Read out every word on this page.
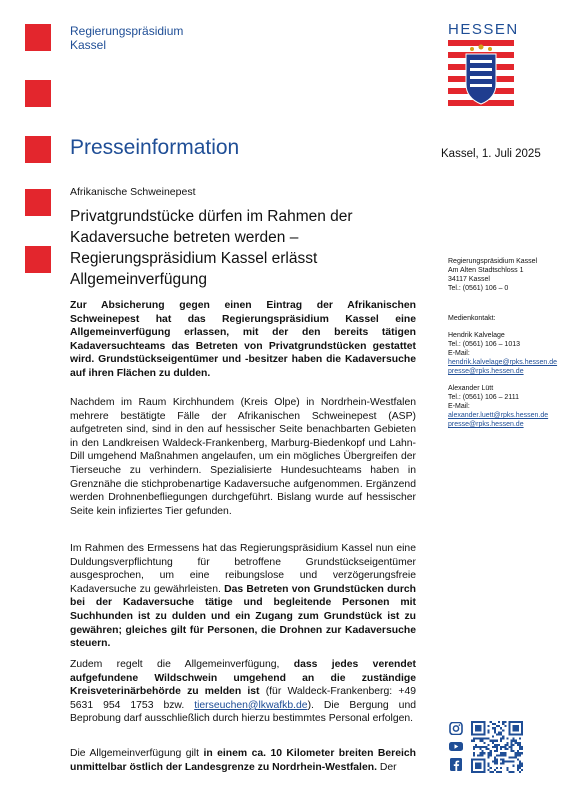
Regierungspräsidium
Kassel
HESSEN
Presseinformation	Kassel, 1. Juli 2025
Afrikanische Schweinepest
Privatgrundstücke dürfen im Rahmen der Kadaversuche betreten werden – Regierungspräsidium Kassel erlässt Allgemeinverfügung
Zur Absicherung gegen einen Eintrag der Afrikanischen Schweinepest hat das Regierungspräsidium Kassel eine Allgemeinverfügung erlassen, mit der den bereits tätigen Kadaversuchteams das Betreten von Privatgrundstücken gestattet wird. Grundstückseigentümer und -besitzer haben die Kadaversuche auf ihren Flächen zu dulden.
Nachdem im Raum Kirchhundem (Kreis Olpe) in Nordrhein-Westfalen mehrere bestätigte Fälle der Afrikanischen Schweinepest (ASP) aufgetreten sind, sind in den auf hessischer Seite benachbarten Gebieten in den Landkreisen Waldeck-Frankenberg, Marburg-Biedenkopf und Lahn-Dill umgehend Maßnahmen angelaufen, um ein mögliches Übergreifen der Tierseuche zu verhindern. Spezialisierte Hundesuchteams haben in Grenznähe die stichprobenartige Kadaversuche aufgenommen. Ergänzend werden Drohnenbefliegungen durchgeführt. Bislang wurde auf hessischer Seite kein infiziertes Tier gefunden.
Im Rahmen des Ermessens hat das Regierungspräsidium Kassel nun eine Duldungsverpflichtung für betroffene Grundstückseigentümer ausgesprochen, um eine reibungslose und verzögerungsfreie Kadaversuche zu gewährleisten. Das Betreten von Grundstücken durch bei der Kadaversuche tätige und begleitende Personen mit Suchhunden ist zu dulden und ein Zugang zum Grundstück ist zu gewähren; gleiches gilt für Personen, die Drohnen zur Kadaversuche steuern.
Zudem regelt die Allgemeinverfügung, dass jedes verendet aufgefundene Wildschwein umgehend an die zuständige Kreisveterinärbehörde zu melden ist (für Waldeck-Frankenberg: +49 5631 954 1753 bzw. tierseuchen@lkwafkb.de). Die Bergung und Beprobung darf ausschließlich durch hierzu bestimmtes Personal erfolgen.
Die Allgemeinverfügung gilt in einem ca. 10 Kilometer breiten Bereich unmittelbar östlich der Landesgrenze zu Nordrhein-Westfalen. Der
Regierungspräsidium Kassel
Am Alten Stadtschloss 1
34117 Kassel
Tel.: (0561) 106 – 0
Medienkontakt:
Hendrik Kalvelage
Tel.: (0561) 106 – 1013
E-Mail:
hendrik.kalvelage@rpks.hessen.de
presse@rpks.hessen.de
Alexander Lütt
Tel.: (0561) 106 – 2111
E-Mail:
alexander.luett@rpks.hessen.de
presse@rpks.hessen.de
